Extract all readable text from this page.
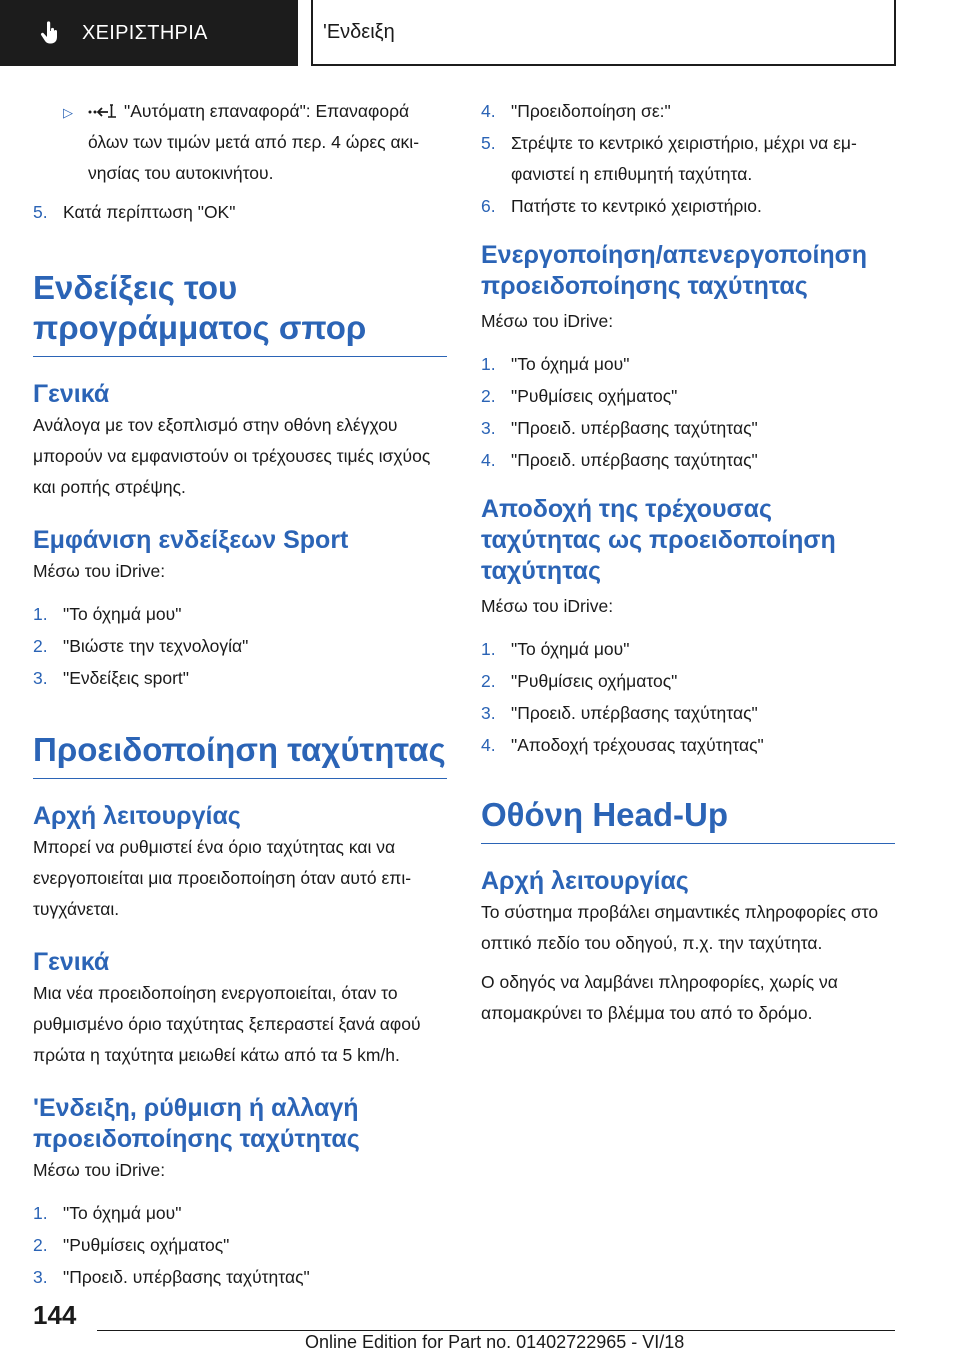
ΧΕΙΡΙΣΤΗΡΙΑ	'Ενδειξη
▷	"Αυτόματη επαναφορά": Επαναφορά όλων των τιμών μετά από περ. 4 ώρες ακι-νησίας του αυτοκινήτου.
5. Κατά περίπτωση "OK"
Ενδείξεις του προγράμματος σπορ
Γενικά
Ανάλογα με τον εξοπλισμό στην οθόνη ελέγχου μπορούν να εμφανιστούν οι τρέχουσες τιμές ισχύος και ροπής στρέψης.
Εμφάνιση ενδείξεων Sport
Μέσω του iDrive:
1. "Το όχημά μου"
2. "Βιώστε την τεχνολογία"
3. "Ενδείξεις sport"
Προειδοποίηση ταχύτητας
Αρχή λειτουργίας
Μπορεί να ρυθμιστεί ένα όριο ταχύτητας και να ενεργοποιείται μια προειδοποίηση όταν αυτό επι-τυγχάνεται.
Γενικά
Μια νέα προειδοποίηση ενεργοποιείται, όταν το ρυθμισμένο όριο ταχύτητας ξεπεραστεί ξανά αφού πρώτα η ταχύτητα μειωθεί κάτω από τα 5 km/h.
'Ενδειξη, ρύθμιση ή αλλαγή προειδοποίησης ταχύτητας
Μέσω του iDrive:
1. "Το όχημά μου"
2. "Ρυθμίσεις οχήματος"
3. "Προειδ. υπέρβασης ταχύτητας"
4. "Προειδοποίηση σε:"
5. Στρέψτε το κεντρικό χειριστήριο, μέχρι να εμ-φανιστεί η επιθυμητή ταχύτητα.
6. Πατήστε το κεντρικό χειριστήριο.
Ενεργοποίηση/απενεργοποίηση προειδοποίησης ταχύτητας
Μέσω του iDrive:
1. "Το όχημά μου"
2. "Ρυθμίσεις οχήματος"
3. "Προειδ. υπέρβασης ταχύτητας"
4. "Προειδ. υπέρβασης ταχύτητας"
Αποδοχή της τρέχουσας ταχύτητας ως προειδοποίηση ταχύτητας
Μέσω του iDrive:
1. "Το όχημά μου"
2. "Ρυθμίσεις οχήματος"
3. "Προειδ. υπέρβασης ταχύτητας"
4. "Αποδοχή τρέχουσας ταχύτητας"
Οθόνη Head-Up
Αρχή λειτουργίας
Το σύστημα προβάλει σημαντικές πληροφορίες στο οπτικό πεδίο του οδηγού, π.χ. την ταχύτητα.
Ο οδηγός να λαμβάνει πληροφορίες, χωρίς να απομακρύνει το βλέμμα του από το δρόμο.
144
Online Edition for Part no. 01402722965 - VI/18
